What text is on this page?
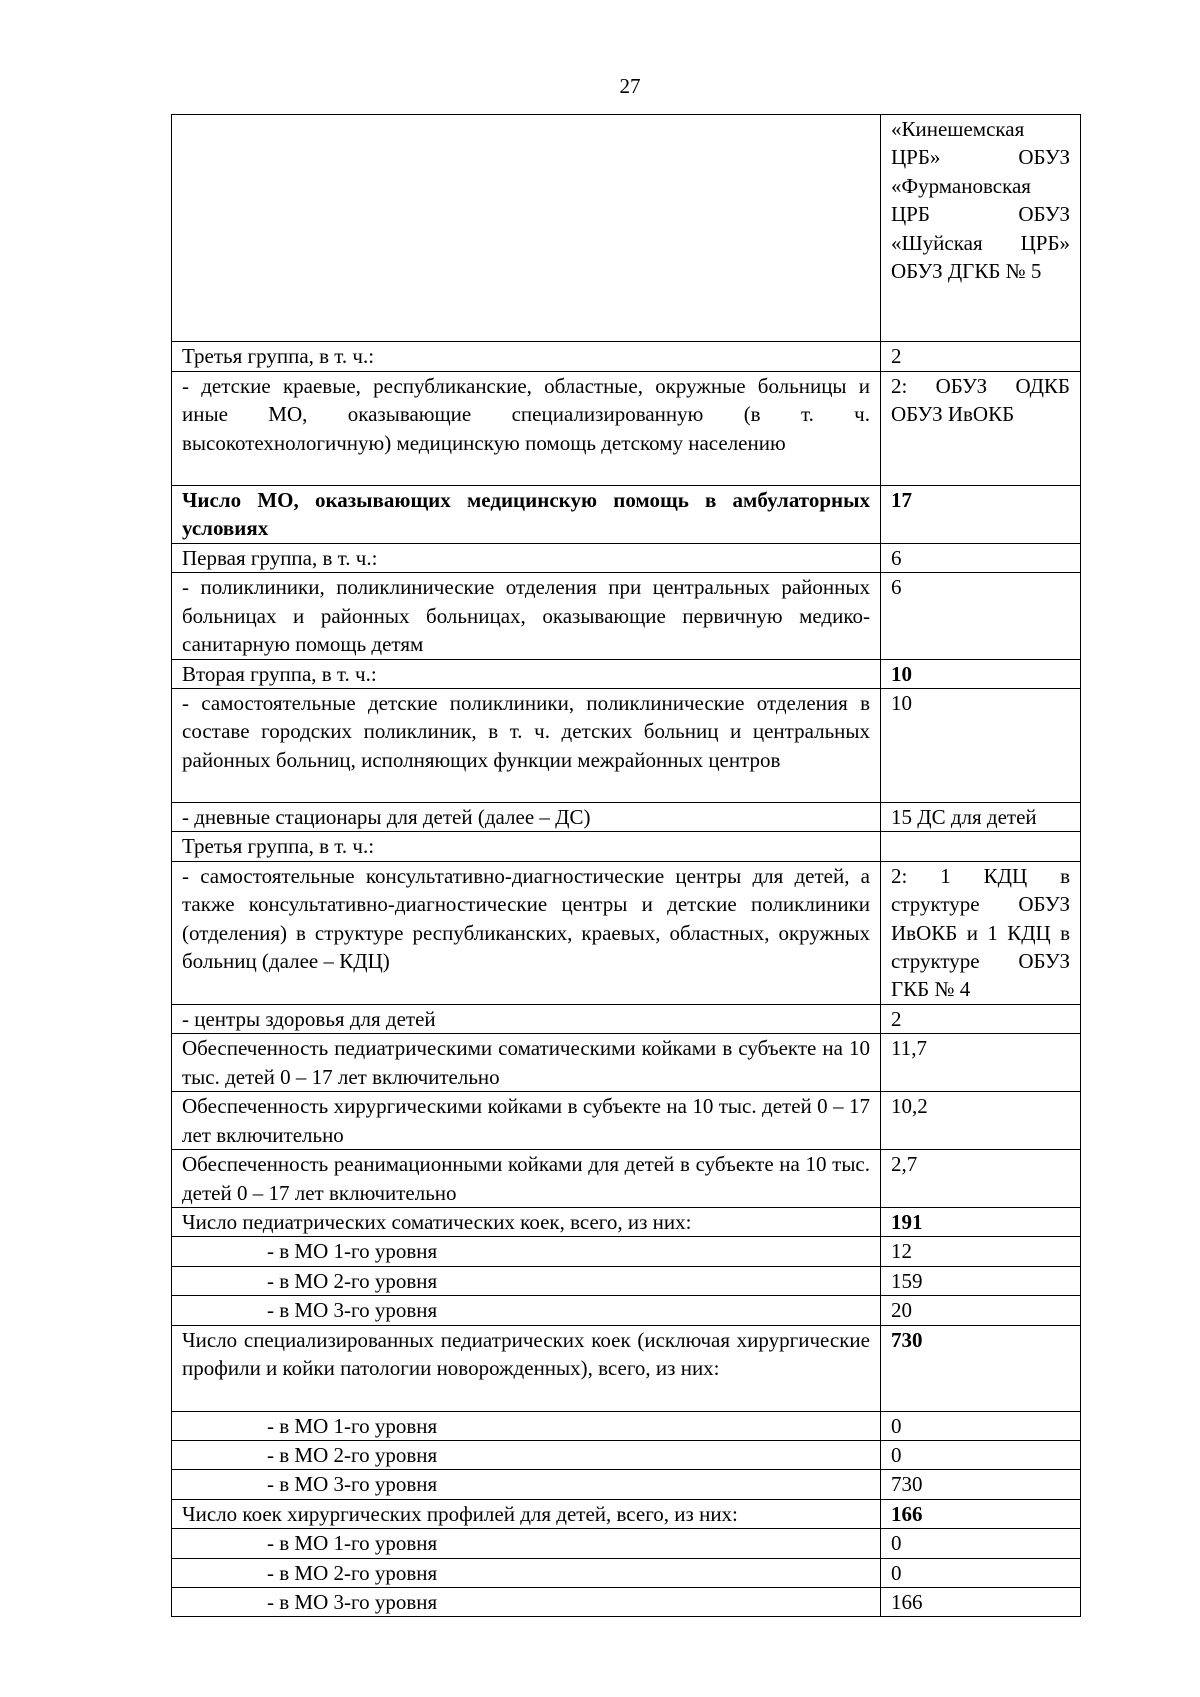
27
	«Кинешемская ЦРБ» ОБУЗ «Фурмановская ЦРБ ОБУЗ «Шуйская ЦРБ» ОБУЗ ДГКБ № 5
Третья группа, в т. ч.:	2
- детские краевые, республиканские, областные, окружные больницы и иные МО, оказывающие специализированную (в т. ч. высокотехнологичную) медицинскую помощь детскому населению	2: ОБУЗ ОДКБ ОБУЗ ИвОКБ
Число МО, оказывающих медицинскую помощь в амбулаторных условиях	17
Первая группа, в т. ч.:	6
- поликлиники, поликлинические отделения при центральных районных больницах и районных больницах, оказывающие первичную медико-санитарную помощь детям	6
Вторая группа, в т. ч.:	10
- самостоятельные детские поликлиники, поликлинические отделения в составе городских поликлиник, в т. ч. детских больниц и центральных районных больниц, исполняющих функции межрайонных центров	10
- дневные стационары для детей (далее – ДС)	15 ДС для детей
Третья группа, в т. ч.:	
- самостоятельные консультативно-диагностические центры для детей, а также консультативно-диагностические центры и детские поликлиники (отделения) в структуре республиканских, краевых, областных, окружных больниц (далее – КДЦ)	2: 1 КДЦ в структуре ОБУЗ ИвОКБ и 1 КДЦ в структуре ОБУЗ ГКБ № 4
- центры здоровья для детей	2
Обеспеченность педиатрическими соматическими койками в субъекте на 10 тыс. детей 0 – 17 лет включительно	11,7
Обеспеченность хирургическими койками в субъекте на 10 тыс. детей 0 – 17 лет включительно	10,2
Обеспеченность реанимационными койками для детей в субъекте на 10 тыс. детей 0 – 17 лет включительно	2,7
Число педиатрических соматических коек, всего, из них:	191
- в МО 1-го уровня	12
- в МО 2-го уровня	159
- в МО 3-го уровня	20
Число специализированных педиатрических коек (исключая хирургические профили и койки патологии новорожденных), всего, из них:	730
- в МО 1-го уровня	0
- в МО 2-го уровня	0
- в МО 3-го уровня	730
Число коек хирургических профилей для детей, всего, из них:	166
- в МО 1-го уровня	0
- в МО 2-го уровня	0
- в МО 3-го уровня	166
